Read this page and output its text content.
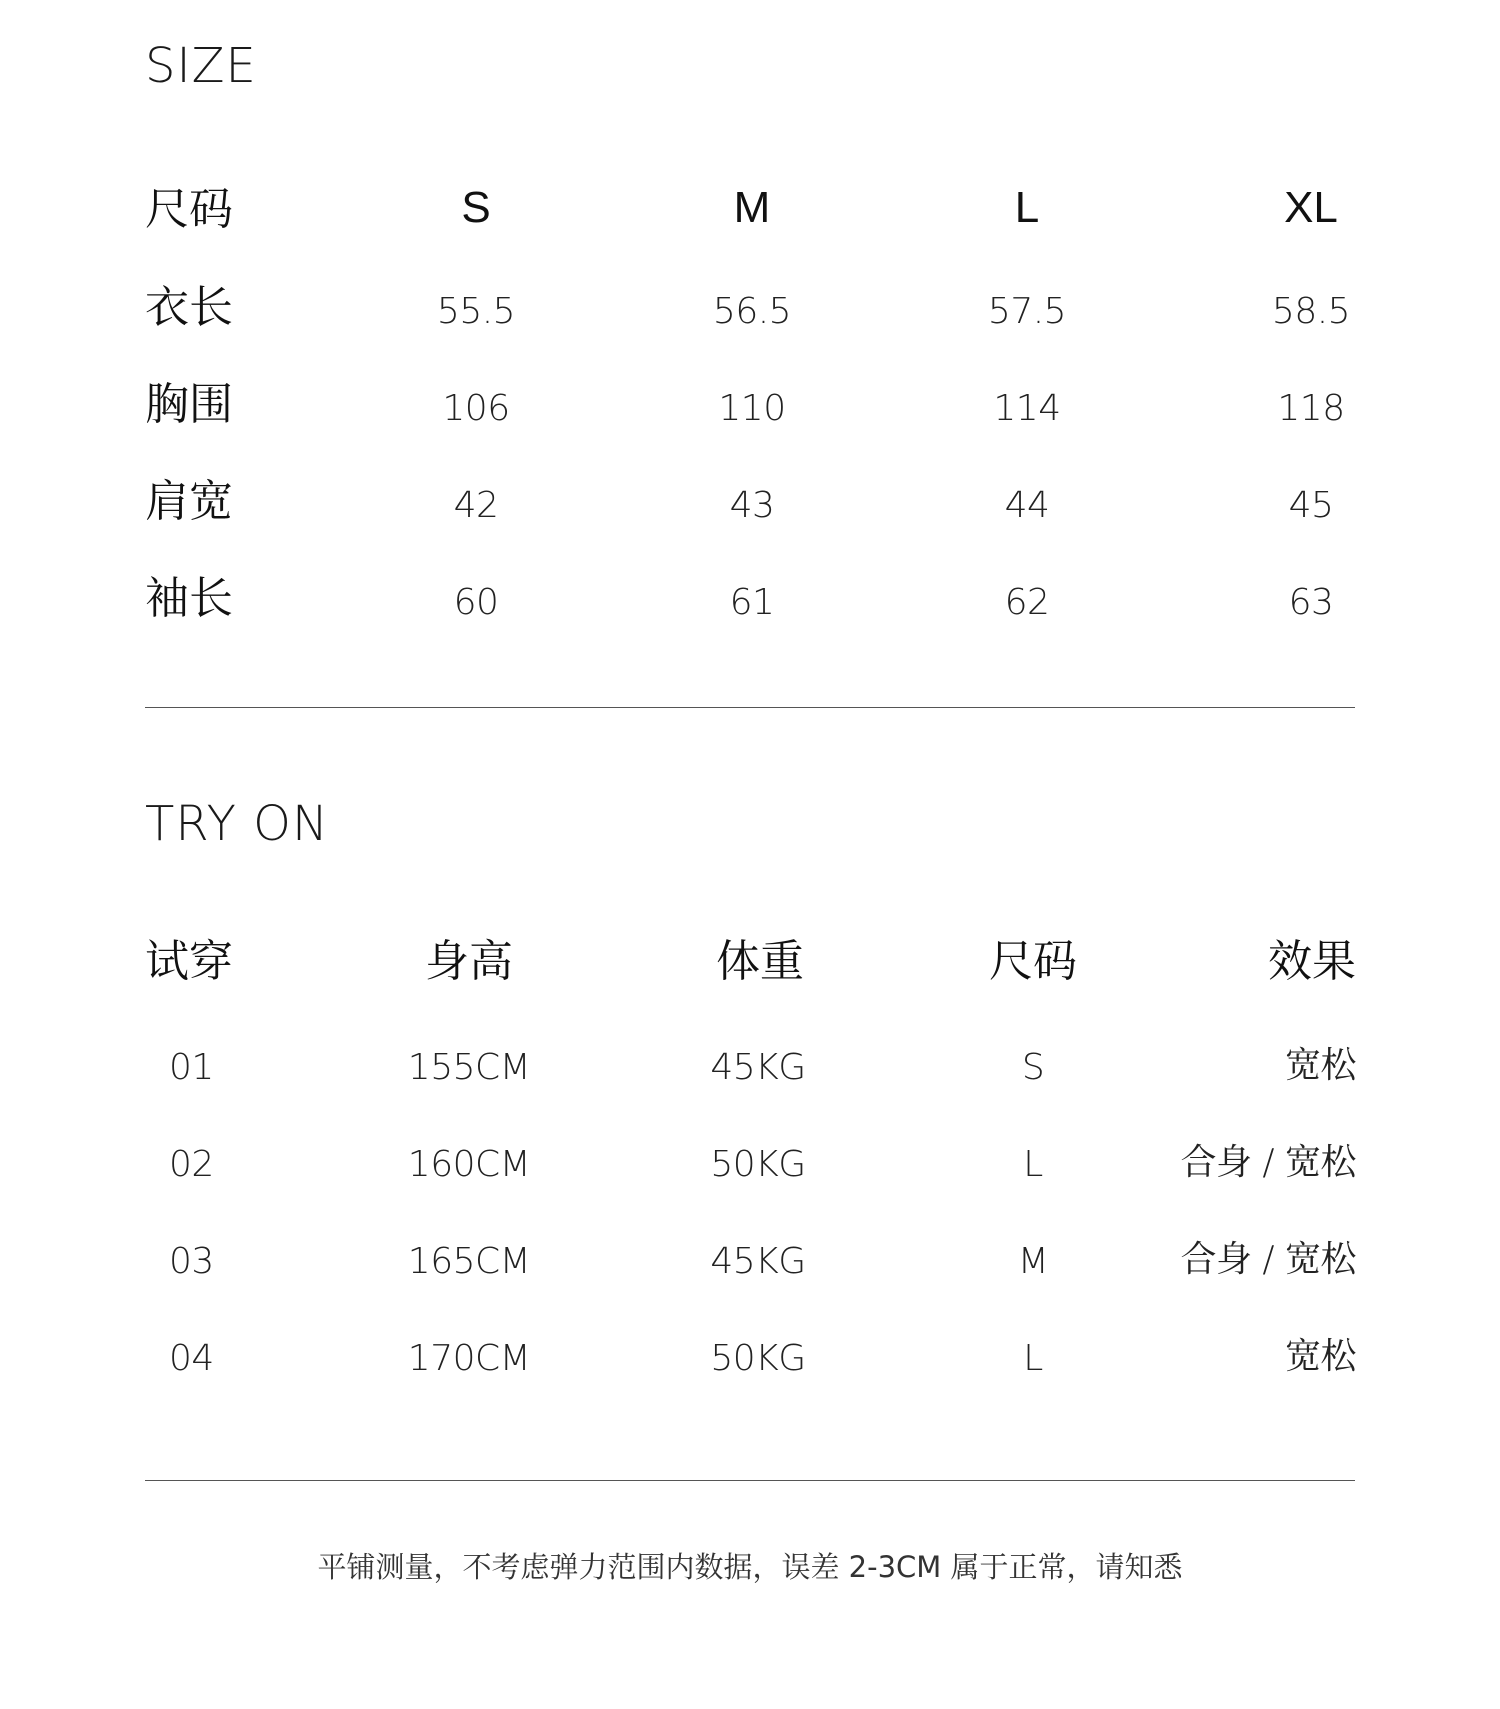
SIZE
尺码	S	M	L	XL
衣长	55.5	56.5	57.5	58.5
胸围	106	110	114	118
肩宽	42	43	44	45
袖长	60	61	62	63
TRY ON
试穿	身高	体重	尺码	效果
01	155CM	45KG	S	宽松
02	160CM	50KG	L	合身 / 宽松
03	165CM	45KG	M	合身 / 宽松
04	170CM	50KG	L	宽松
平铺测量，不考虑弹力范围内数据，误差 2-3CM 属于正常，请知悉
